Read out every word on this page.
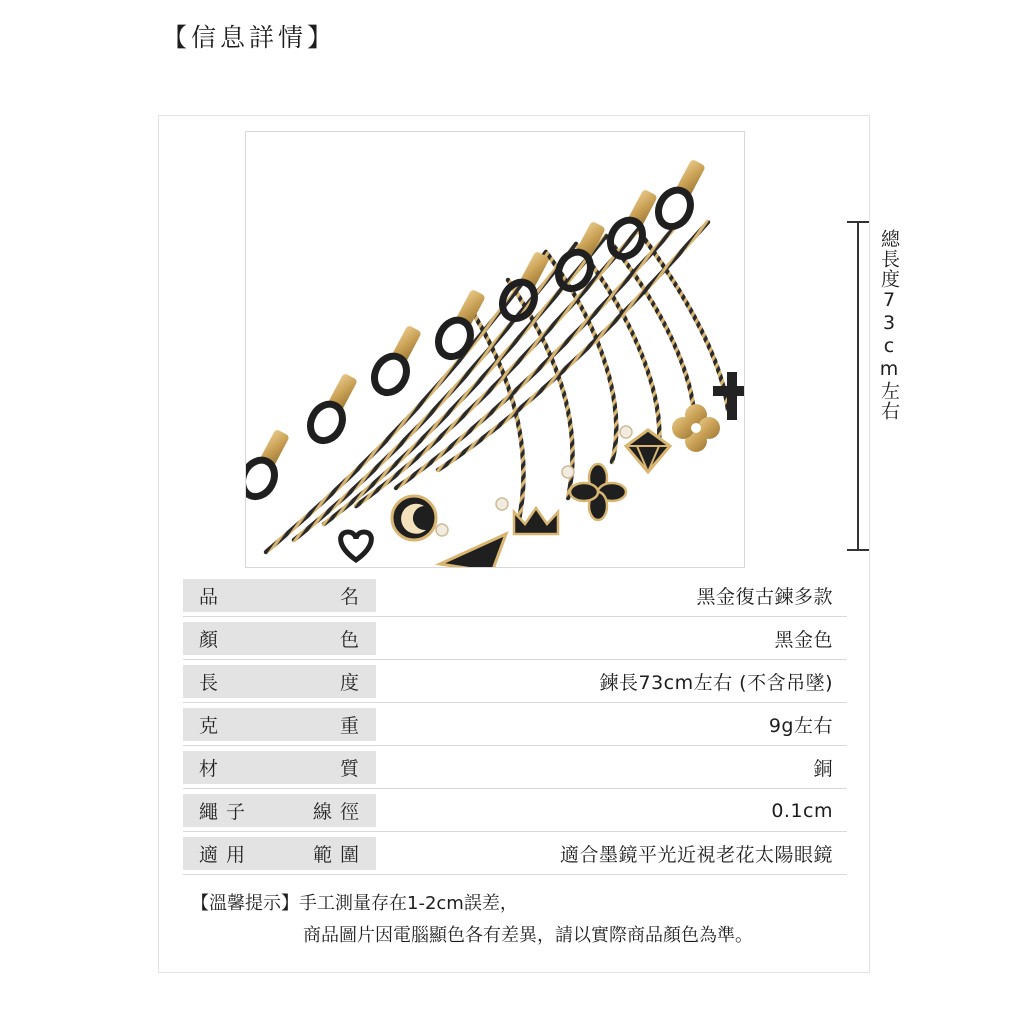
【信息詳情】
總長度73cm左右
品	名	黑金復古鍊多款
顏	色	黑金色
長	度	鍊長73cm左右 (不含吊墜)
克	重	9g左右
材	質	銅
繩 子	線 徑	0.1cm
適 用	範 圍	適合墨鏡平光近視老花太陽眼鏡
【溫馨提示】手工測量存在1-2cm誤差，
商品圖片因電腦顯色各有差異，請以實際商品顏色為準。
